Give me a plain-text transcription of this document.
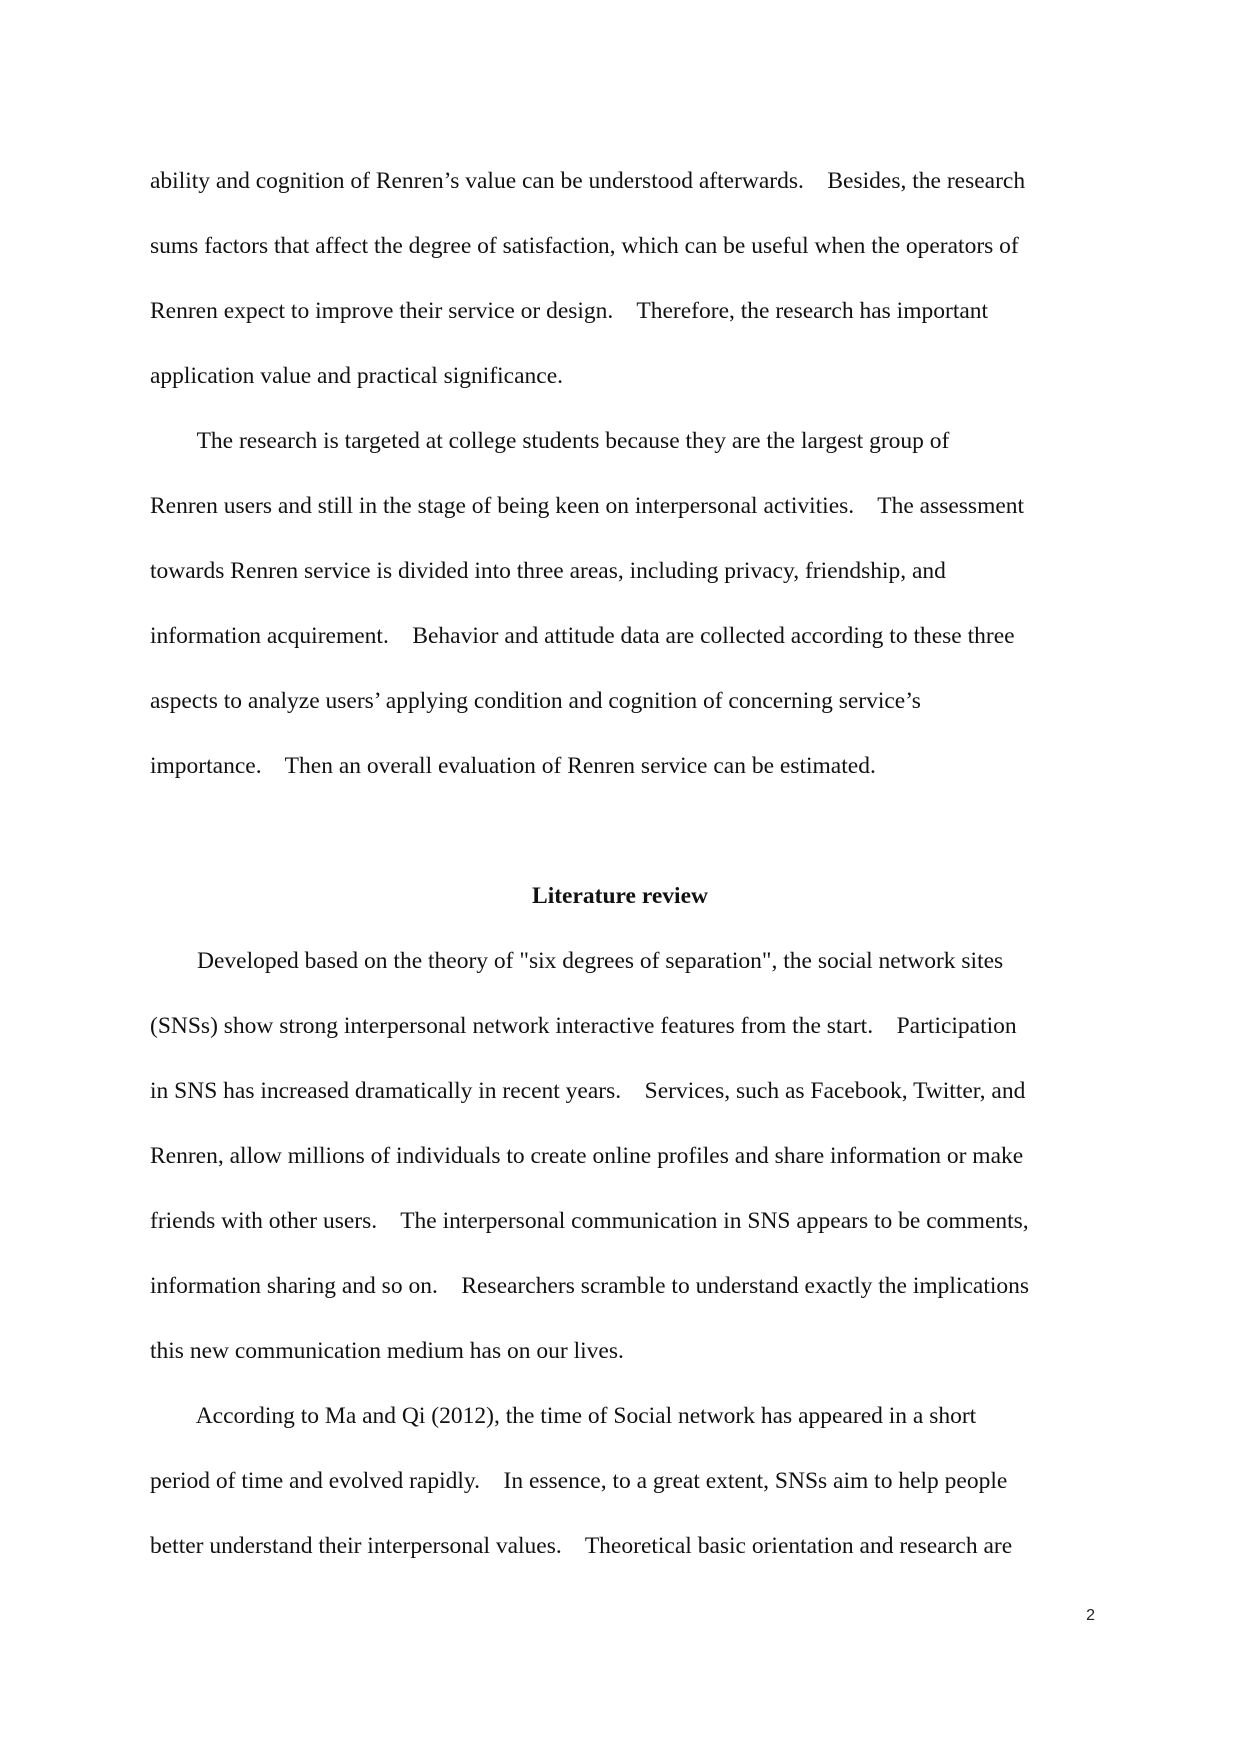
ability and cognition of Renren’s value can be understood afterwards.    Besides, the research
sums factors that affect the degree of satisfaction, which can be useful when the operators of
Renren expect to improve their service or design.    Therefore, the research has important
application value and practical significance.
The research is targeted at college students because they are the largest group of
Renren users and still in the stage of being keen on interpersonal activities.    The assessment
towards Renren service is divided into three areas, including privacy, friendship, and
information acquirement.    Behavior and attitude data are collected according to these three
aspects to analyze users’ applying condition and cognition of concerning service’s
importance.    Then an overall evaluation of Renren service can be estimated.
Literature review
Developed based on the theory of "six degrees of separation", the social network sites
(SNSs) show strong interpersonal network interactive features from the start.    Participation
in SNS has increased dramatically in recent years.    Services, such as Facebook, Twitter, and
Renren, allow millions of individuals to create online profiles and share information or make
friends with other users.    The interpersonal communication in SNS appears to be comments,
information sharing and so on.    Researchers scramble to understand exactly the implications
this new communication medium has on our lives.
According to Ma and Qi (2012), the time of Social network has appeared in a short
period of time and evolved rapidly.    In essence, to a great extent, SNSs aim to help people
better understand their interpersonal values.    Theoretical basic orientation and research are
2
